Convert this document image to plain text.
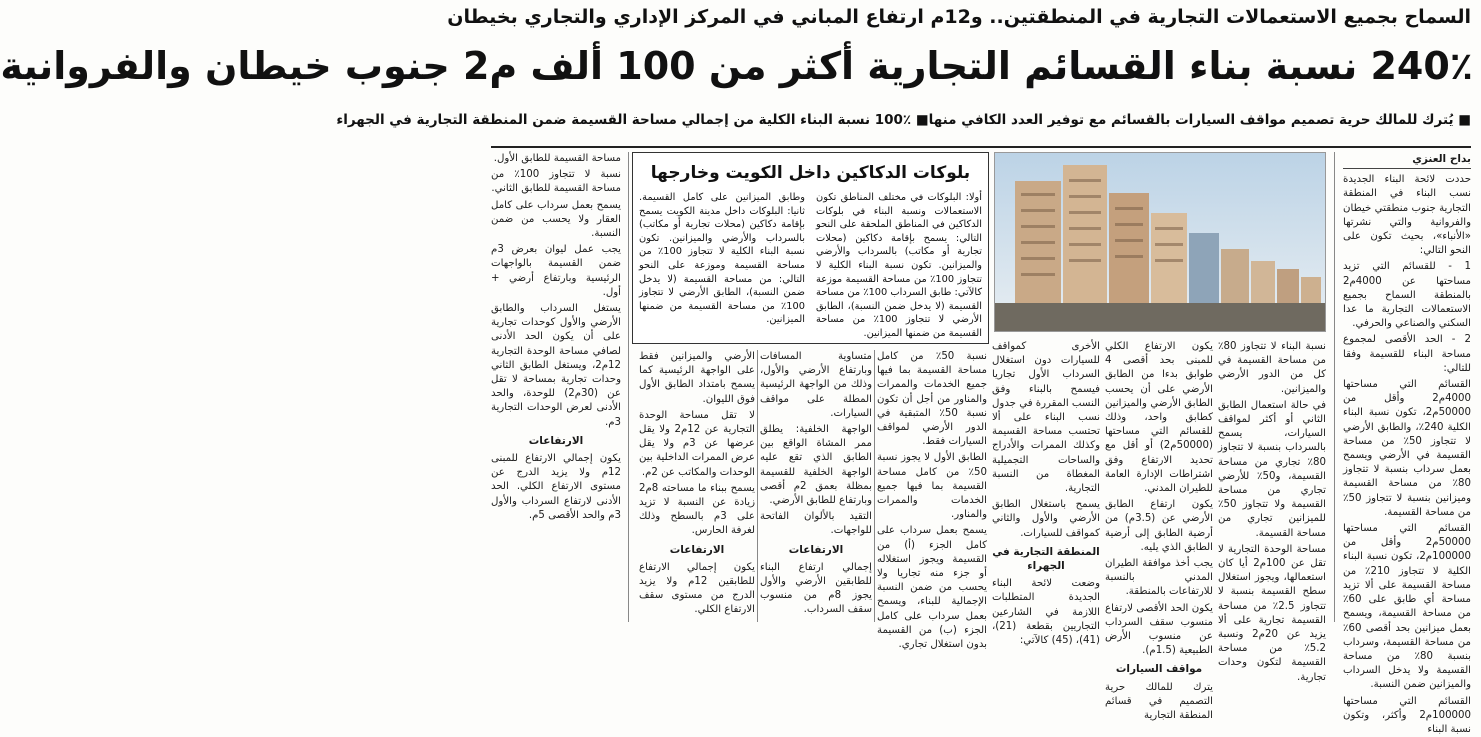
السماح بجميع الاستعمالات التجارية في المنطقتين.. و12م ارتفاع المباني في المركز الإداري والتجاري بخيطان
240٪ نسبة بناء القسائم التجارية أكثر من 100 ألف م2 جنوب خيطان والفروانية
■ يُترك للمالك حرية تصميم مواقف السيارات بالقسائم مع توفير العدد الكافي منها
■ 100٪ نسبة البناء الكلية من إجمالي مساحة القسيمة ضمن المنطقة التجارية في الجهراء
بداح العنزي

حددت لائحة البناء الجديدة نسب البناء في المنطقة التجارية جنوب منطقتي خيطان والفروانية والتي نشرتها «الأنباء»، بحيث تكون على النحو التالي:

1 - للقسائم التي تزيد مساحتها عن 4000م2 بالمنطقة السماح بجميع الاستعمالات التجارية ما عدا السكني والصناعي والحرفي.

2 - الحد الأقصى لمجموع مساحة البناء للقسيمة وفقا للتالي:

القسائم التي مساحتها 4000م2 وأقل من 50000م2، تكون نسبة البناء الكلية 240٪، والطابق الأرضي لا تتجاوز 50٪ من مساحة القسيمة في الأرضي ويسمح بعمل سرداب بنسبة لا تتجاوز 80٪ من مساحة القسيمة وميزانين بنسبة لا تتجاوز 50٪ من مساحة القسيمة.

القسائم التي مساحتها 50000م2 وأقل من 100000م2، تكون نسبة البناء الكلية لا تتجاوز 210٪ من مساحة القسيمة على ألا تزيد مساحة أي طابق على 60٪ من مساحة القسيمة، ويسمح بعمل ميزانين بحد أقصى 60٪ من مساحة القسيمة، وسرداب بنسبة 80٪ من مساحة القسيمة ولا يدخل السرداب والميزانين ضمن النسبة.

القسائم التي مساحتها 100000م2 وأكثر، وتكون نسبة البناء

نسبة البناء لا تتجاوز 80٪ من مساحة القسيمة في كل من الدور الأرضي والميزانين.

في حالة استعمال الطابق الثاني أو أكثر لمواقف السيارات، يسمح بالسرداب بنسبة لا تتجاوز 80٪ تجاري من مساحة القسيمة، و50٪ للأرضي تجاري من مساحة القسيمة ولا تتجاوز 50٪ للميزانين تجاري من مساحة القسيمة.

مساحة الوحدة التجارية لا تقل عن 100م2 أيا كان استعمالها، ويجوز استغلال سطح القسيمة بنسبة لا تتجاوز 2.5٪ من مساحة القسيمة تجارية على ألا يزيد عن 20م2 ونسبة 5.2٪ من مساحة القسيمة لتكون وحدات تجارية.

يكون الارتفاع الكلي للمبنى بحد أقصى 4 طوابق بدءا من الطابق الأرضي على أن يحسب الطابق الأرضي والميزانين كطابق واحد، وذلك للقسائم التي مساحتها (50000م2) أو أقل مع تحديد الارتفاع وفق اشتراطات الإدارة العامة للطيران المدني.

يكون ارتفاع الطابق الأرضي عن (3.5م) من أرضية الطابق إلى أرضية الطابق الذي يليه.

يجب أخذ موافقة الطيران المدني بالنسبة للارتفاعات بالمنطقة.

يكون الحد الأقصى لارتفاع منسوب سقف السرداب عن منسوب الأرض الطبيعية (1.5م).

مواقف السيارات

يترك للمالك حرية التصميم في قسائم المنطقة التجارية

الأخرى كمواقف للسيارات دون استغلال السرداب الأول تجاريا فيسمح بالبناء وفق النسب المقررة في جدول نسب البناء على ألا تحتسب مساحة القسيمة وكذلك الممرات والأدراج والساحات التجميلية المغطاة من النسبة التجارية.

يسمح باستغلال الطابق الأرضي والأول والثاني كمواقف للسيارات.

المنطقة التجارية في الجهراء

وضعت لائحة البناء الجديدة المتطلبات اللازمة في الشارعين التجاريين بقطعة (21)، (41)، (45) كالآتي:

بلوكات الدكاكين داخل الكويت وخارجها
أولا: البلوكات في مختلف المناطق تكون الاستعمالات ونسبة البناء في بلوكات الدكاكين في المناطق الملحقة على النحو التالي: يسمح بإقامة دكاكين (محلات تجارية أو مكاتب) بالسرداب والأرضي والميزانين. تكون نسبة البناء الكلية لا تتجاوز 100٪ من مساحة القسيمة موزعة كالآتي: طابق السرداب 100٪ من مساحة القسيمة (لا يدخل ضمن النسبة)، الطابق الأرضي لا تتجاوز 100٪ من مساحة القسيمة من ضمنها الميزانين.
وطابق الميزانين على كامل القسيمة. ثانيا: البلوكات داخل مدينة الكويت يسمح بإقامة دكاكين (محلات تجارية أو مكاتب) بالسرداب والأرضي والميزانين. تكون نسبة البناء الكلية لا تتجاوز 100٪ من مساحة القسيمة وموزعة على النحو التالي: من مساحة القسيمة (لا يدخل ضمن النسبة)، الطابق الأرضي لا تتجاوز 100٪ من مساحة القسيمة من ضمنها الميزانين.

نسبة 50٪ من كامل مساحة القسيمة بما فيها جميع الخدمات والممرات والمناور من أجل أن تكون نسبة 50٪ المتبقية في الدور الأرضي لمواقف السيارات فقط.

الطابق الأول لا يجوز نسبة 50٪ من كامل مساحة القسيمة بما فيها جميع الخدمات والممرات والمناور.

يسمح بعمل سرداب على كامل الجزء (أ) من القسيمة ويجوز استغلاله أو جزء منه تجاريا ولا يحسب من ضمن النسبة الإجمالية للبناء، ويسمح بعمل سرداب على كامل الجزء (ب) من القسيمة بدون استغلال تجاري.

متساوية المسافات وبارتفاع الأرضي والأول، وذلك من الواجهة الرئيسية المطلة على مواقف السيارات.

الواجهة الخلفية: يطلق ممر المشاة الواقع بين الطابق الذي تقع عليه الواجهة الخلفية للقسيمة بمظلة بعمق 2م أقصى وبارتفاع للطابق الأرضي.

التقيد بالألوان الفاتحة للواجهات.

الارتفاعات

إجمالي ارتفاع البناء للطابقين الأرضي والأول يجوز 8م من منسوب سقف السرداب.

الأرضي والميزانين فقط على الواجهة الرئيسية كما يسمح بامتداد الطابق الأول فوق الليوان.

لا تقل مساحة الوحدة التجارية عن 12م2 ولا يقل عرضها عن 3م ولا يقل عرض الممرات الداخلية بين الوحدات والمكاتب عن 2م.

يسمح ببناء ما مساحته 8م2 زيادة عن النسبة لا تزيد على 3م بالسطح وذلك لغرفة الحارس.

الارتفاعات

يكون إجمالي الارتفاع للطابقين 12م ولا يزيد الدرج من مستوى سقف الارتفاع الكلي.

مساحة القسيمة للطابق الأول.

نسبة لا تتجاوز 100٪ من مساحة القسيمة للطابق الثاني.

يسمح بعمل سرداب على كامل العقار ولا يحسب من ضمن النسبة.

يجب عمل ليوان بعرض 3م ضمن القسيمة بالواجهات الرئيسية وبارتفاع أرضي + أول.

يستغل السرداب والطابق الأرضي والأول كوحدات تجارية على أن يكون الحد الأدنى لصافي مساحة الوحدة التجارية 12م2، ويستغل الطابق الثاني وحدات تجارية بمساحة لا تقل عن (30م2) للوحدة، والحد الأدنى لعرض الوحدات التجارية 3م.

الارتفاعات

يكون إجمالي الارتفاع للمبنى 12م ولا يزيد الدرج عن مستوى الارتفاع الكلي. الحد الأدنى لارتفاع السرداب والأول 3م والحد الأقصى 5م.
